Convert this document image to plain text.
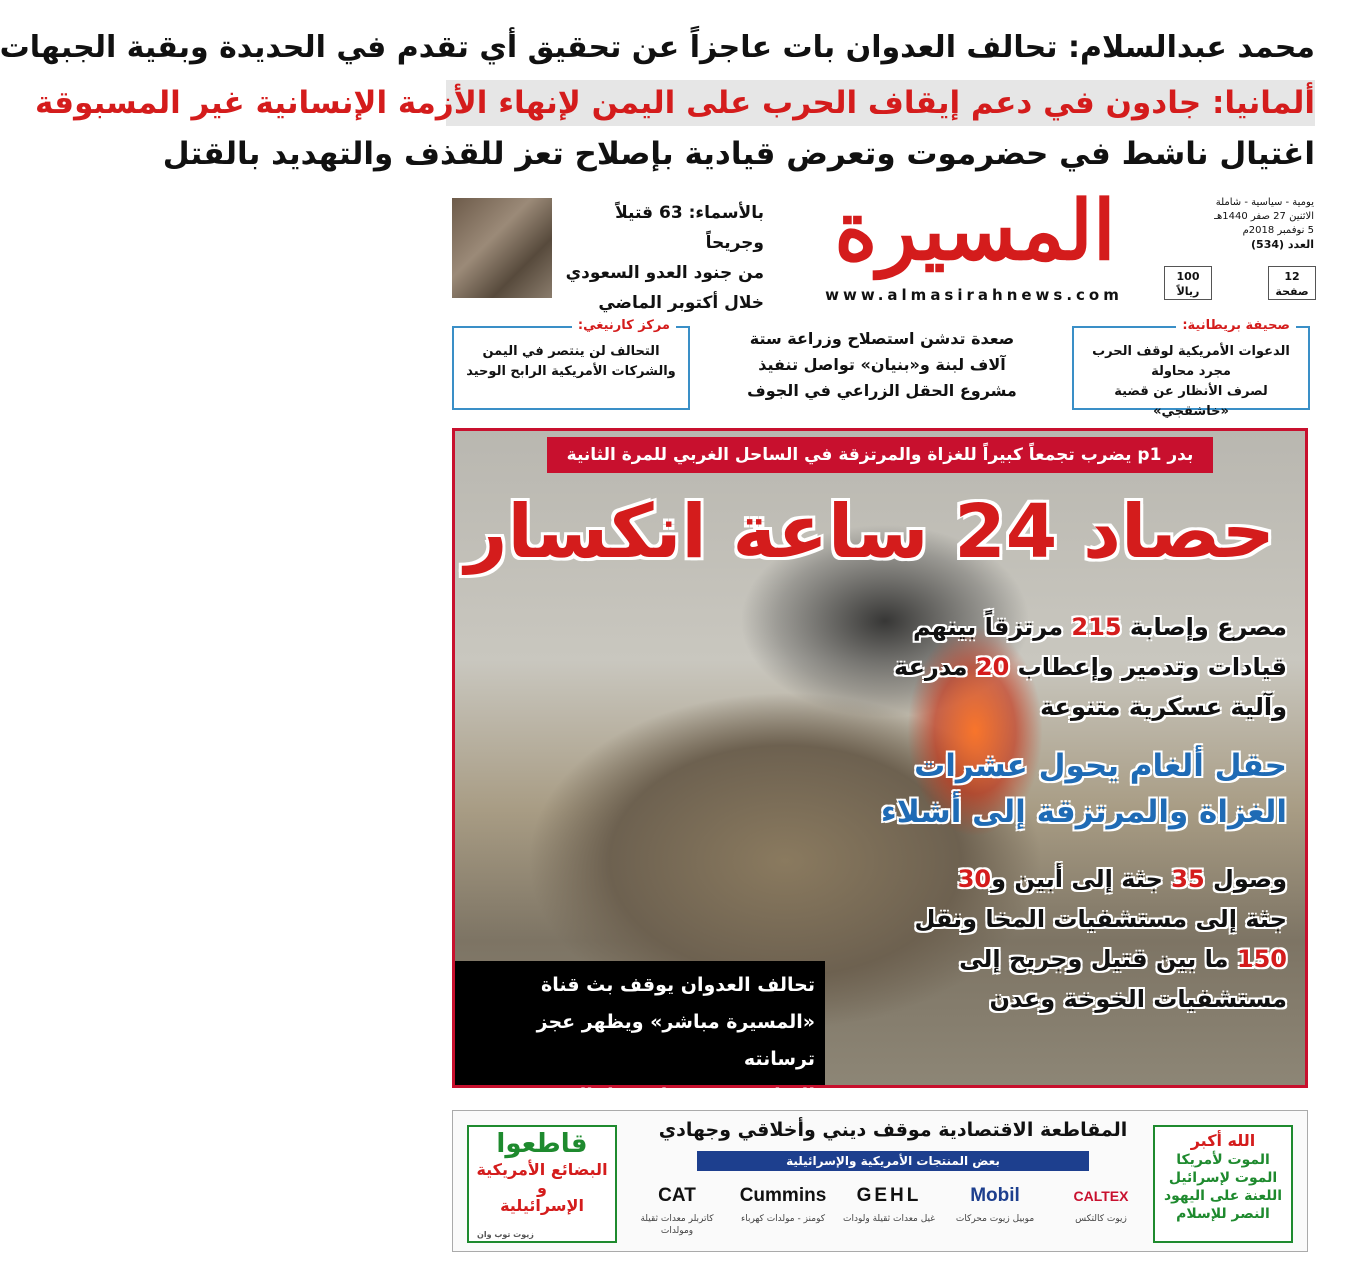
محمد عبدالسلام: تحالف العدوان بات عاجزاً عن تحقيق أي تقدم في الحديدة وبقية الجبهات
ألمانيا: جادون في دعم إيقاف الحرب على اليمن لإنهاء الأزمة الإنسانية غير المسبوقة
اغتيال ناشط في حضرموت وتعرض قيادية بإصلاح تعز للقذف والتهديد بالقتل
بالأسماء: 63 قتيلاً وجريحاً
من جنود العدو السعودي
خلال أكتوبر الماضي
المسيرة
www.almasirahnews.com
يومية - سياسية - شاملة
الاثنين 27 صفر 1440هـ
5 نوفمبر 2018م
العدد (534)
12
صفحة
100
ريالاً
صحيفة بريطانية:
الدعوات الأمريكية لوقف الحرب مجرد محاولة
لصرف الأنظار عن قضية «خاشقجي»
صعدة تدشن استصلاح وزراعة ستة
آلاف لبنة و«بنيان» تواصل تنفيذ
مشروع الحقل الزراعي في الجوف
مركز كارنيغي:
التحالف لن ينتصر في اليمن
والشركات الأمريكية الرابح الوحيد
بدر p1 يضرب تجمعاً كبيراً للغزاة والمرتزقة في الساحل الغربي للمرة الثانية
حصاد 24 ساعة انكسار
مصرع وإصابة 215 مرتزقاً بينهم
قيادات وتدمير وإعطاب 20 مدرعة
وآلية عسكرية متنوعة
حقل ألغام يحول عشرات
الغزاة والمرتزقة إلى أشلاء
وصول 35 جثة إلى أبين و30
جثة إلى مستشفيات المخا ونقل
150 ما بين قتيل وجريح إلى
مستشفيات الخوخة وعدن
تحالف العدوان يوقف بث قناة
«المسيرة مباشر» ويظهر عجز ترسانته
الإعلامية في مواجهتها بالصورة
الله أكبر
الموت لأمريكا
الموت لإسرائيل
اللعنة على اليهود
النصر للإسلام
المقاطعة الاقتصادية موقف ديني وأخلاقي وجهادي
بعض المنتجات الأمريكية والإسرائيلية
CAT
كاتربلر معدات ثقيلة ومولدات
Cummins
كومنز - مولدات كهرباء
GEHL
غيل معدات ثقيلة ولودات
Mobil
موبيل زيوت محركات
CALTEX
زيوت كالتكس
قاطعوا
البضائع الأمريكية
و
الإسرائيلية
زيوت توب وان
